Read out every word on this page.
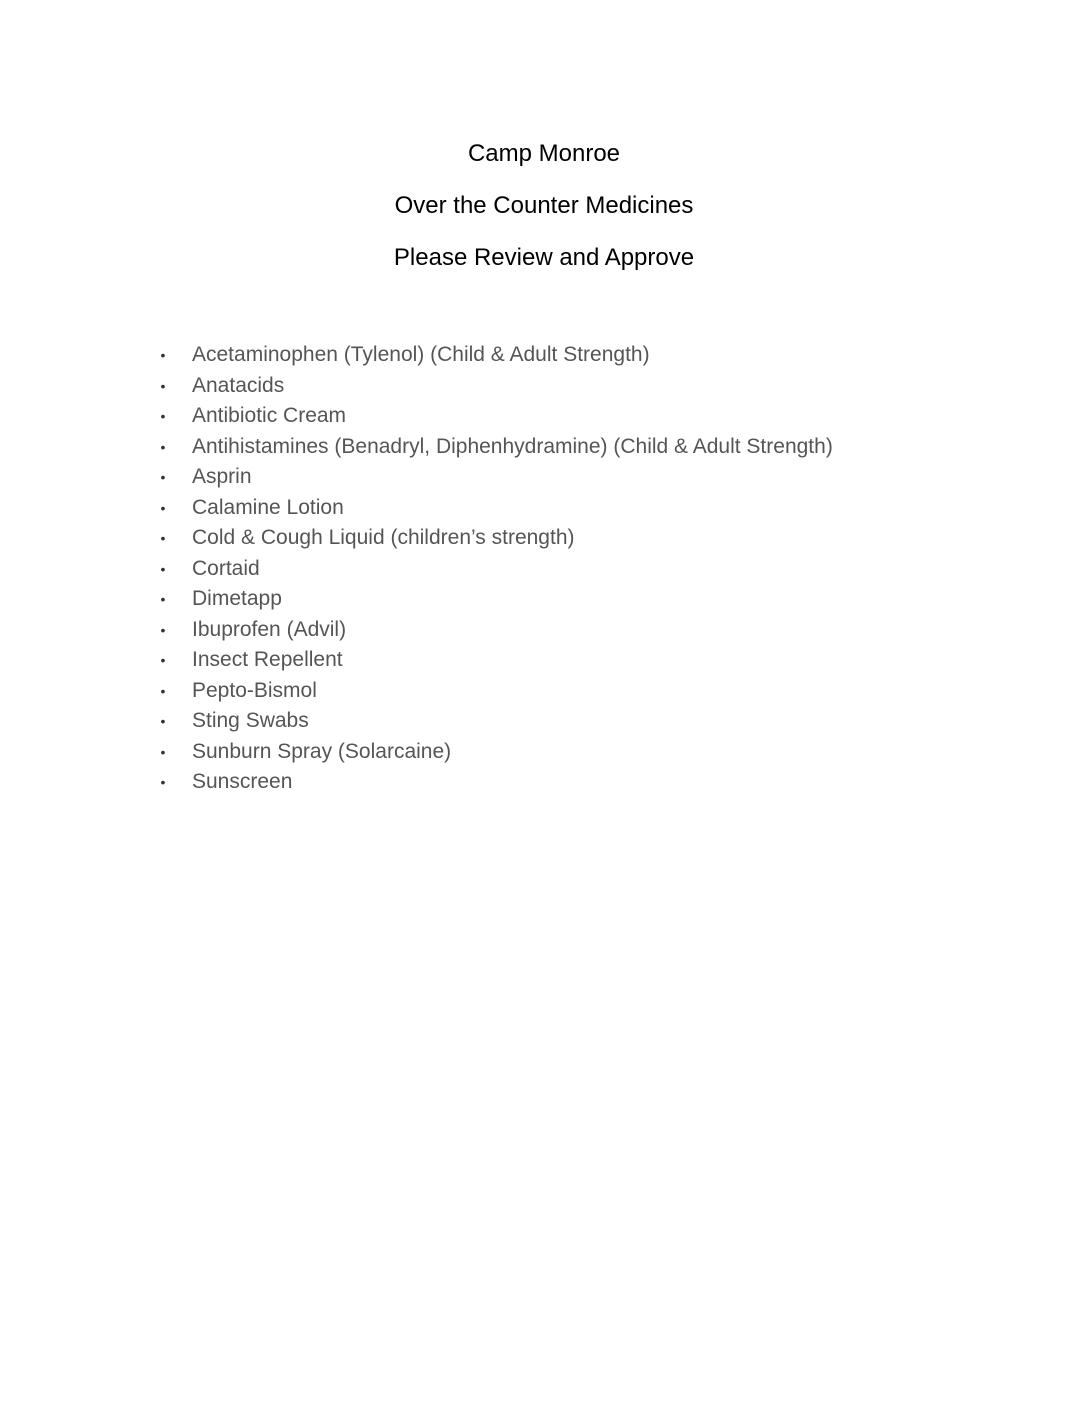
Camp Monroe
Over the Counter Medicines
Please Review and Approve
• Acetaminophen (Tylenol) (Child & Adult Strength)
• Anatacids
• Antibiotic Cream
• Antihistamines (Benadryl, Diphenhydramine) (Child & Adult Strength)
• Asprin
• Calamine Lotion
• Cold & Cough Liquid (children’s strength)
• Cortaid
• Dimetapp
• Ibuprofen (Advil)
• Insect Repellent
• Pepto-Bismol
• Sting Swabs
• Sunburn Spray (Solarcaine)
• Sunscreen
